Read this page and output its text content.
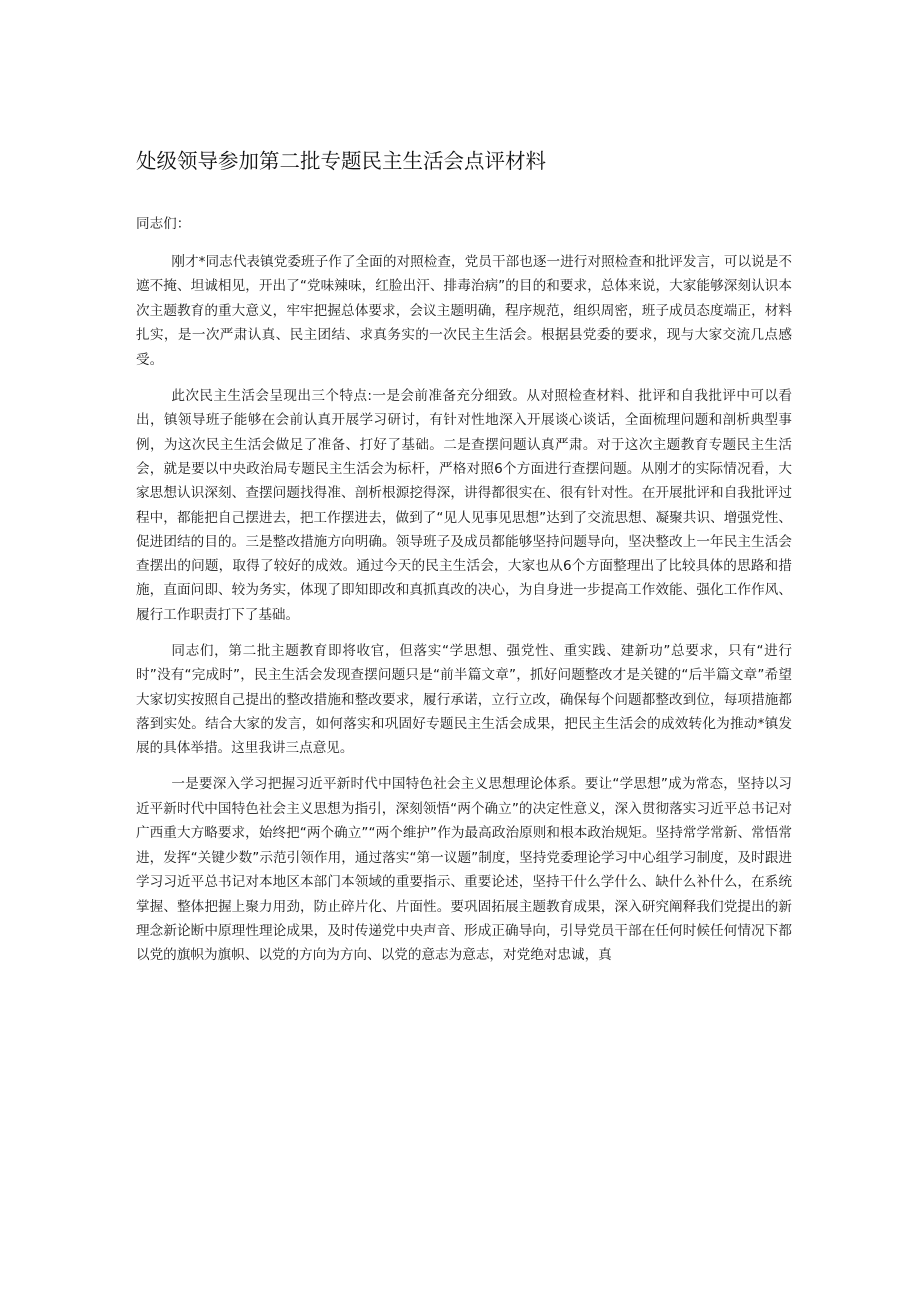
处级领导参加第二批专题民主生活会点评材料

同志们：

刚才*同志代表镇党委班子作了全面的对照检查，党员干部也逐一进行对照检查和批评发言，可以说是不遮不掩、坦诚相见，开出了“党味辣味，红脸出汗、排毒治病”的目的和要求，总体来说，大家能够深刻认识本次主题教育的重大意义，牢牢把握总体要求，会议主题明确，程序规范，组织周密，班子成员态度端正，材料扎实，是一次严肃认真、民主团结、求真务实的一次民主生活会。根据县党委的要求，现与大家交流几点感受。

此次民主生活会呈现出三个特点:一是会前准备充分细致。从对照检查材料、批评和自我批评中可以看出，镇领导班子能够在会前认真开展学习研讨，有针对性地深入开展谈心谈话，全面梳理问题和剖析典型事例，为这次民主生活会做足了准备、打好了基础。二是查摆问题认真严肃。对于这次主题教育专题民主生活会，就是要以中央政治局专题民主生活会为标杆，严格对照6个方面进行查摆问题。从刚才的实际情况看，大家思想认识深刻、查摆问题找得准、剖析根源挖得深，讲得都很实在、很有针对性。在开展批评和自我批评过程中，都能把自己摆进去，把工作摆进去，做到了“见人见事见思想”达到了交流思想、凝聚共识、增强党性、促进团结的目的。三是整改措施方向明确。领导班子及成员都能够坚持问题导向，坚决整改上一年民主生活会查摆出的问题，取得了较好的成效。通过今天的民主生活会，大家也从6个方面整理出了比较具体的思路和措施，直面问即、较为务实，体现了即知即改和真抓真改的决心，为自身进一步提高工作效能、强化工作作风、履行工作职责打下了基础。

同志们，第二批主题教育即将收官，但落实“学思想、强党性、重实践、建新功”总要求，只有“进行时”没有“完成时”，民主生活会发现查摆问题只是“前半篇文章”，抓好问题整改才是关键的“后半篇文章”希望大家切实按照自己提出的整改措施和整改要求，履行承诺，立行立改，确保每个问题都整改到位，每项措施都落到实处。结合大家的发言，如何落实和巩固好专题民主生活会成果，把民主生活会的成效转化为推动*镇发展的具体举措。这里我讲三点意见。

一是要深入学习把握习近平新时代中国特色社会主义思想理论体系。要让“学思想”成为常态，坚持以习近平新时代中国特色社会主义思想为指引，深刻领悟“两个确立”的决定性意义，深入贯彻落实习近平总书记对广西重大方略要求，始终把“两个确立”“两个维护”作为最高政治原则和根本政治规矩。坚持常学常新、常悟常进，发挥“关键少数”示范引领作用，通过落实“第一议题”制度，坚持党委理论学习中心组学习制度，及时跟进学习习近平总书记对本地区本部门本领域的重要指示、重要论述，坚持干什么学什么、缺什么补什么，在系统掌握、整体把握上聚力用劲，防止碎片化、片面性。要巩固拓展主题教育成果，深入研究阐释我们党提出的新理念新论断中原理性理论成果，及时传递党中央声音、形成正确导向，引导党员干部在任何时候任何情况下都以党的旗帜为旗帜、以党的方向为方向、以党的意志为意志，对党绝对忠诚，真
